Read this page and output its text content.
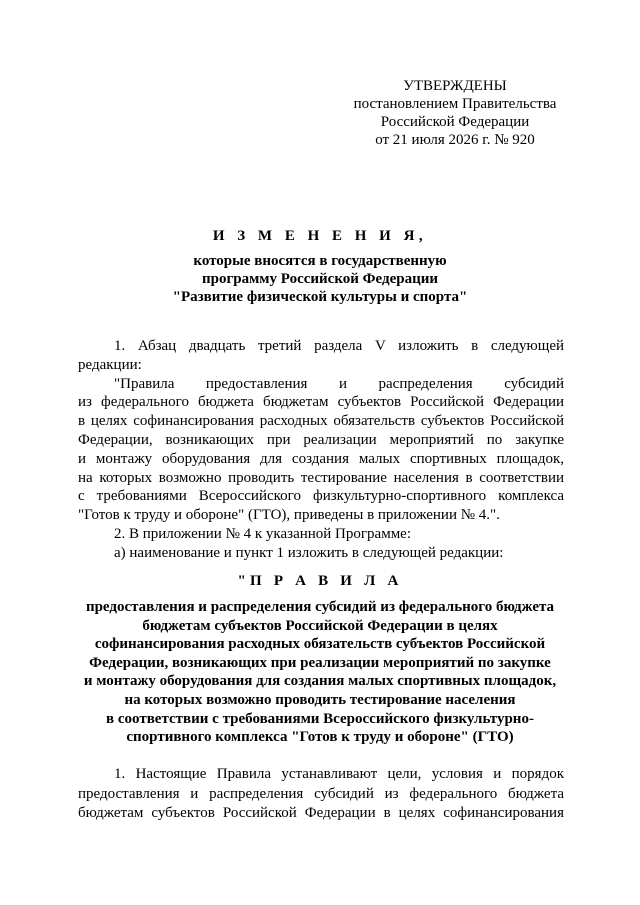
УТВЕРЖДЕНЫ
постановлением Правительства
Российской Федерации
от 21 июля 2026 г. № 920
И З М Е Н Е Н И Я,
которые вносятся в государственную
программу Российской Федерации
"Развитие физической культуры и спорта"
1. Абзац двадцать третий раздела V изложить в следующей
редакции:
"Правила предоставления и распределения субсидий
из федерального бюджета бюджетам субъектов Российской Федерации
в целях софинансирования расходных обязательств субъектов Российской
Федерации, возникающих при реализации мероприятий по закупке
и монтажу оборудования для создания малых спортивных площадок,
на которых возможно проводить тестирование населения в соответствии
с требованиями Всероссийского физкультурно-спортивного комплекса
"Готов к труду и обороне" (ГТО), приведены в приложении № 4.".
2. В приложении № 4 к указанной Программе:
а) наименование и пункт 1 изложить в следующей редакции:
"П Р А В И Л А
предоставления и распределения субсидий из федерального бюджета
бюджетам субъектов Российской Федерации в целях
софинансирования расходных обязательств субъектов Российской
Федерации, возникающих при реализации мероприятий по закупке
и монтажу оборудования для создания малых спортивных площадок,
на которых возможно проводить тестирование населения
в соответствии с требованиями Всероссийского физкультурно-
спортивного комплекса "Готов к труду и обороне" (ГТО)
1. Настоящие Правила устанавливают цели, условия и порядок
предоставления и распределения субсидий из федерального бюджета
бюджетам субъектов Российской Федерации в целях софинансирования
